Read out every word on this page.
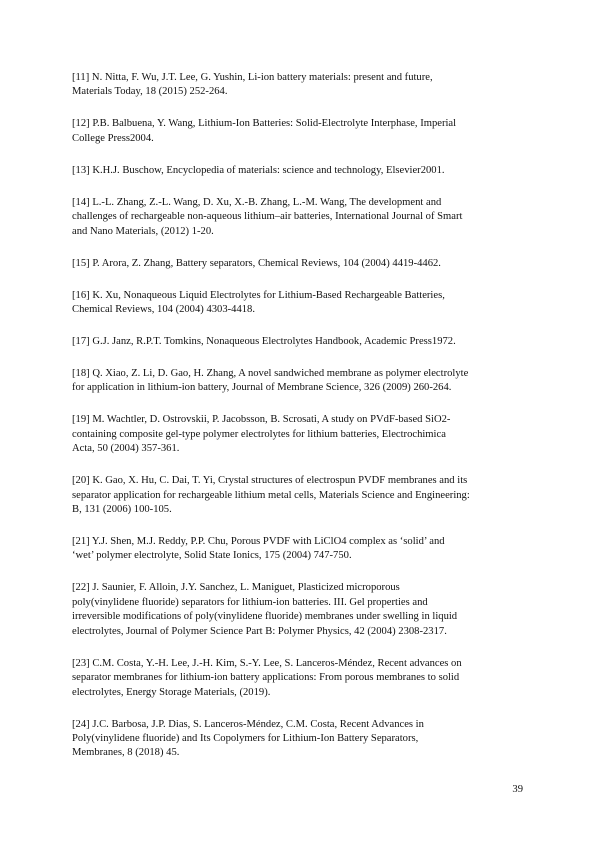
[11] N. Nitta, F. Wu, J.T. Lee, G. Yushin, Li-ion battery materials: present and future,
Materials Today, 18 (2015) 252-264.
[12] P.B. Balbuena, Y. Wang, Lithium-Ion Batteries: Solid-Electrolyte Interphase, Imperial
College Press2004.
[13] K.H.J. Buschow, Encyclopedia of materials: science and technology, Elsevier2001.
[14] L.-L. Zhang, Z.-L. Wang, D. Xu, X.-B. Zhang, L.-M. Wang, The development and
challenges of rechargeable non-aqueous lithium–air batteries, International Journal of Smart
and Nano Materials, (2012) 1-20.
[15] P. Arora, Z. Zhang, Battery separators, Chemical Reviews, 104 (2004) 4419-4462.
[16] K. Xu, Nonaqueous Liquid Electrolytes for Lithium-Based Rechargeable Batteries,
Chemical Reviews, 104 (2004) 4303-4418.
[17] G.J. Janz, R.P.T. Tomkins, Nonaqueous Electrolytes Handbook, Academic Press1972.
[18] Q. Xiao, Z. Li, D. Gao, H. Zhang, A novel sandwiched membrane as polymer electrolyte
for application in lithium-ion battery, Journal of Membrane Science, 326 (2009) 260-264.
[19] M. Wachtler, D. Ostrovskii, P. Jacobsson, B. Scrosati, A study on PVdF-based SiO2-
containing composite gel-type polymer electrolytes for lithium batteries, Electrochimica
Acta, 50 (2004) 357-361.
[20] K. Gao, X. Hu, C. Dai, T. Yi, Crystal structures of electrospun PVDF membranes and its
separator application for rechargeable lithium metal cells, Materials Science and Engineering:
B, 131 (2006) 100-105.
[21] Y.J. Shen, M.J. Reddy, P.P. Chu, Porous PVDF with LiClO4 complex as ‘solid’ and
‘wet’ polymer electrolyte, Solid State Ionics, 175 (2004) 747-750.
[22] J. Saunier, F. Alloin, J.Y. Sanchez, L. Maniguet, Plasticized microporous
poly(vinylidene fluoride) separators for lithium-ion batteries. III. Gel properties and
irreversible modifications of poly(vinylidene fluoride) membranes under swelling in liquid
electrolytes, Journal of Polymer Science Part B: Polymer Physics, 42 (2004) 2308-2317.
[23] C.M. Costa, Y.-H. Lee, J.-H. Kim, S.-Y. Lee, S. Lanceros-Méndez, Recent advances on
separator membranes for lithium-ion battery applications: From porous membranes to solid
electrolytes, Energy Storage Materials, (2019).
[24] J.C. Barbosa, J.P. Dias, S. Lanceros-Méndez, C.M. Costa, Recent Advances in
Poly(vinylidene fluoride) and Its Copolymers for Lithium-Ion Battery Separators,
Membranes, 8 (2018) 45.
39
